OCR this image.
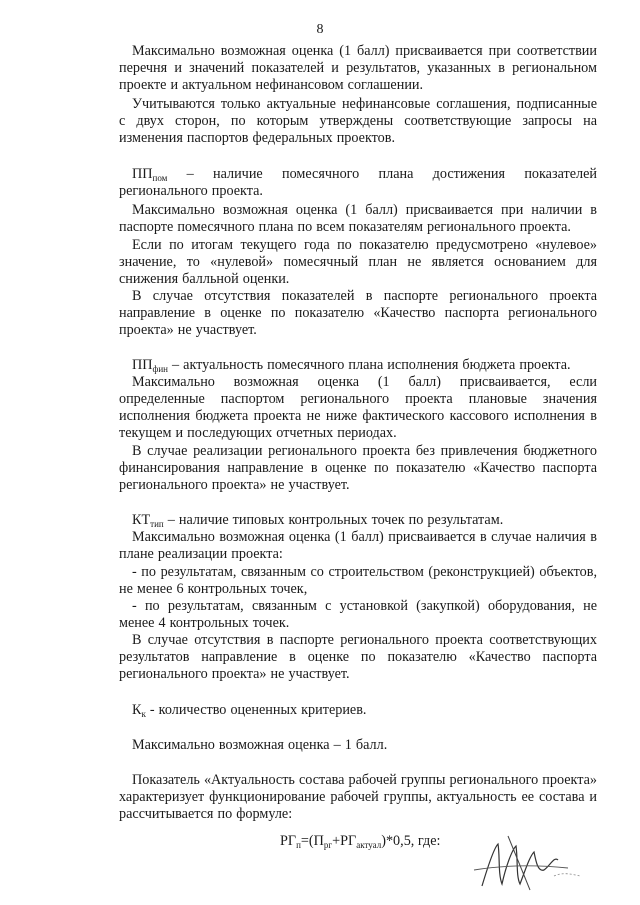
8
Максимально возможная оценка (1 балл) присваивается при соответствии перечня и значений показателей и результатов, указанных в региональном проекте и актуальном нефинансовом соглашении.
Учитываются только актуальные нефинансовые соглашения, подписанные с двух сторон, по которым утверждены соответствующие запросы на изменения паспортов федеральных проектов.
$ПП_{пом}$ – наличие помесячного плана достижения показателей регионального проекта.
Максимально возможная оценка (1 балл) присваивается при наличии в паспорте помесячного плана по всем показателям регионального проекта.
Если по итогам текущего года по показателю предусмотрено «нулевое» значение, то «нулевой» помесячный план не является основанием для снижения балльной оценки.
В случае отсутствия показателей в паспорте регионального проекта направление в оценке по показателю «Качество паспорта регионального проекта» не участвует.
$ПП_{фин}$ – актуальность помесячного плана исполнения бюджета проекта.
Максимально возможная оценка (1 балл) присваивается, если определенные паспортом регионального проекта плановые значения исполнения бюджета проекта не ниже фактического кассового исполнения в текущем и последующих отчетных периодах.
В случае реализации регионального проекта без привлечения бюджетного финансирования направление в оценке по показателю «Качество паспорта регионального проекта» не участвует.
$КТ_{тип}$ – наличие типовых контрольных точек по результатам.
Максимально возможная оценка (1 балл) присваивается в случае наличия в плане реализации проекта:
- по результатам, связанным со строительством (реконструкцией) объектов, не менее 6 контрольных точек,
- по результатам, связанным с установкой (закупкой) оборудования, не менее 4 контрольных точек.
В случае отсутствия в паспорте регионального проекта соответствующих результатов направление в оценке по показателю «Качество паспорта регионального проекта» не участвует.
$К_к$ - количество оцененных критериев.
Максимально возможная оценка – 1 балл.
Показатель «Актуальность состава рабочей группы регионального проекта» характеризует функционирование рабочей группы, актуальность ее состава и рассчитывается по формуле:
$РГ_п=(П_{рг}+РГ_{актуал})*0,5$, где:
